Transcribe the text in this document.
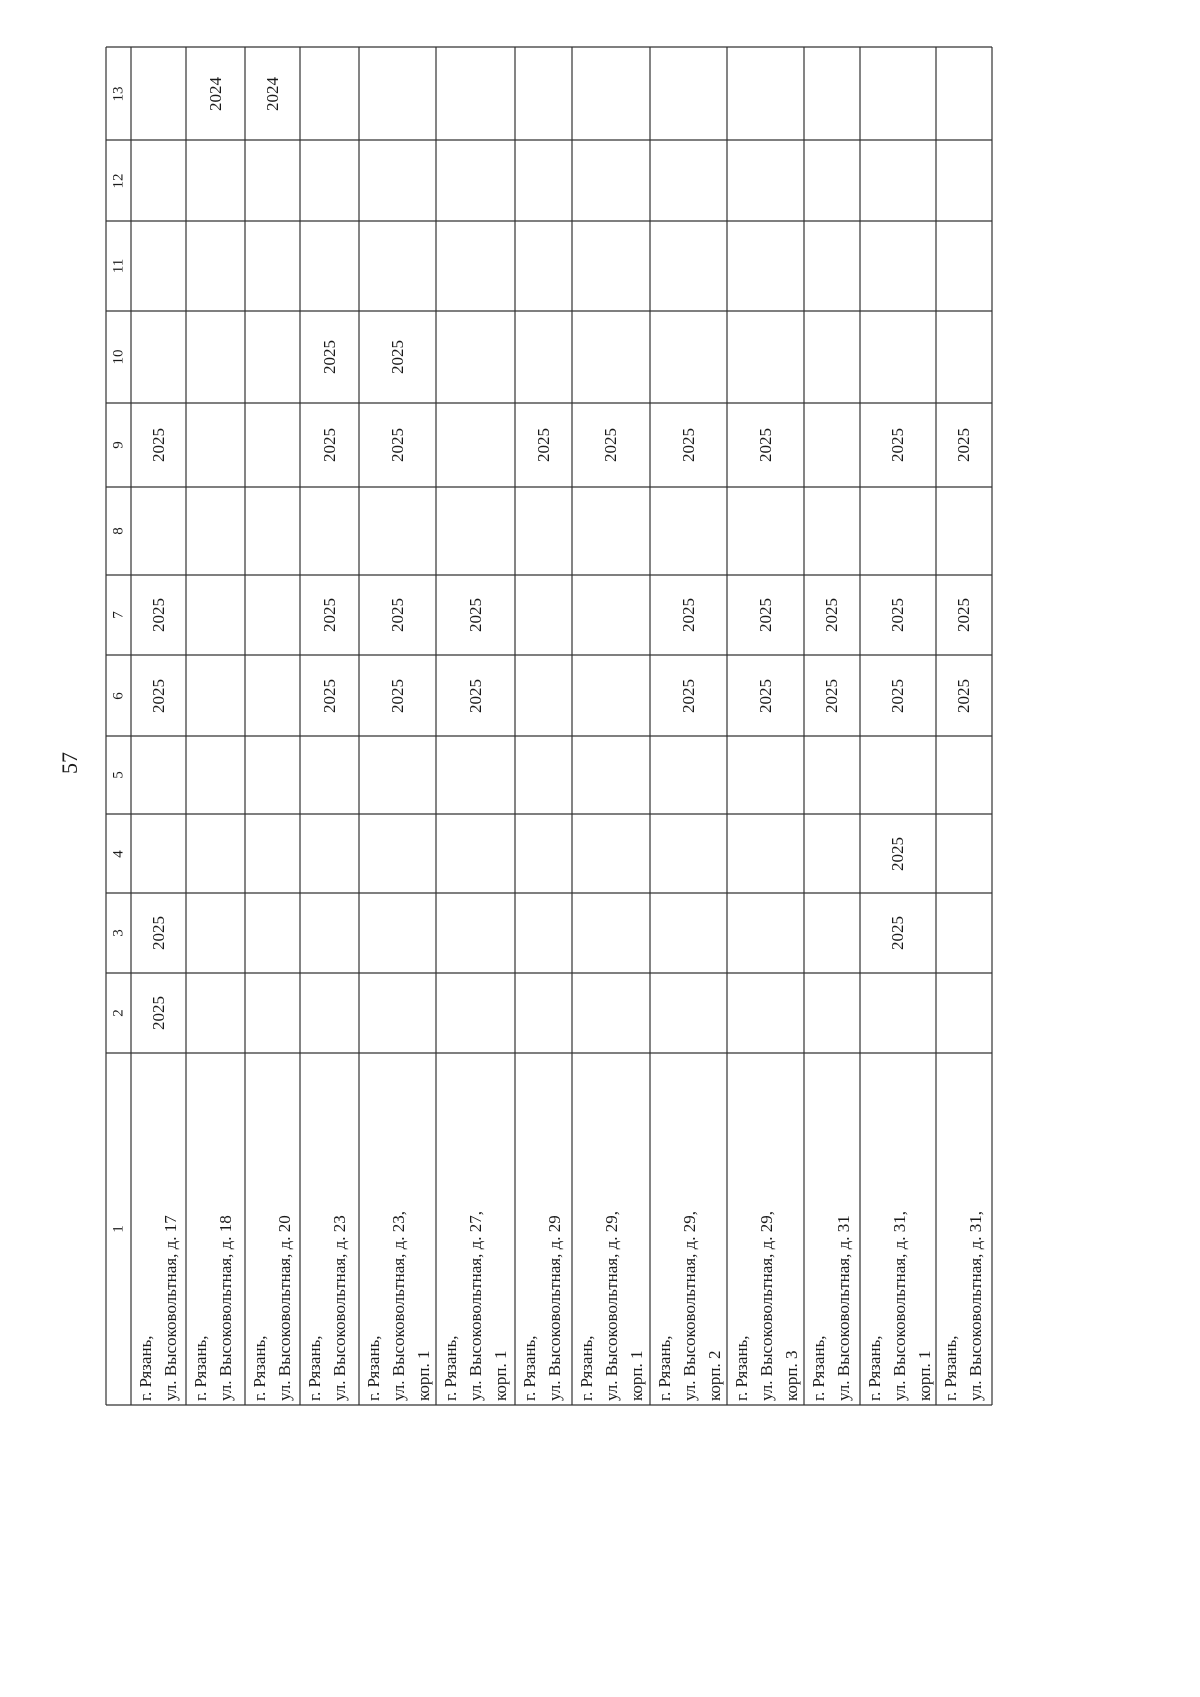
57
1
2
3
4
5
6
7
8
9
10
11
12
13
г. Рязань, ул. Высоковольтная, д. 17
2025
2025
2025
2025
2025
г. Рязань, ул. Высоковольтная, д. 18
2024
г. Рязань, ул. Высоковольтная, д. 20
2024
г. Рязань, ул. Высоковольтная, д. 23
2025
2025
2025
2025
г. Рязань, ул. Высоковольтная, д. 23, корп. 1
2025
2025
2025
2025
г. Рязань, ул. Высоковольтная, д. 27, корп. 1
2025
2025
г. Рязань, ул. Высоковольтная, д. 29
2025
г. Рязань, ул. Высоковольтная, д. 29, корп. 1
2025
г. Рязань, ул. Высоковольтная, д. 29, корп. 2
2025
2025
2025
г. Рязань, ул. Высоковольтная, д. 29, корп. 3
2025
2025
2025
г. Рязань, ул. Высоковольтная, д. 31
2025
2025
г. Рязань, ул. Высоковольтная, д. 31, корп. 1
2025
2025
2025
2025
2025
г. Рязань, ул. Высоковольтная, д. 31,
2025
2025
2025
